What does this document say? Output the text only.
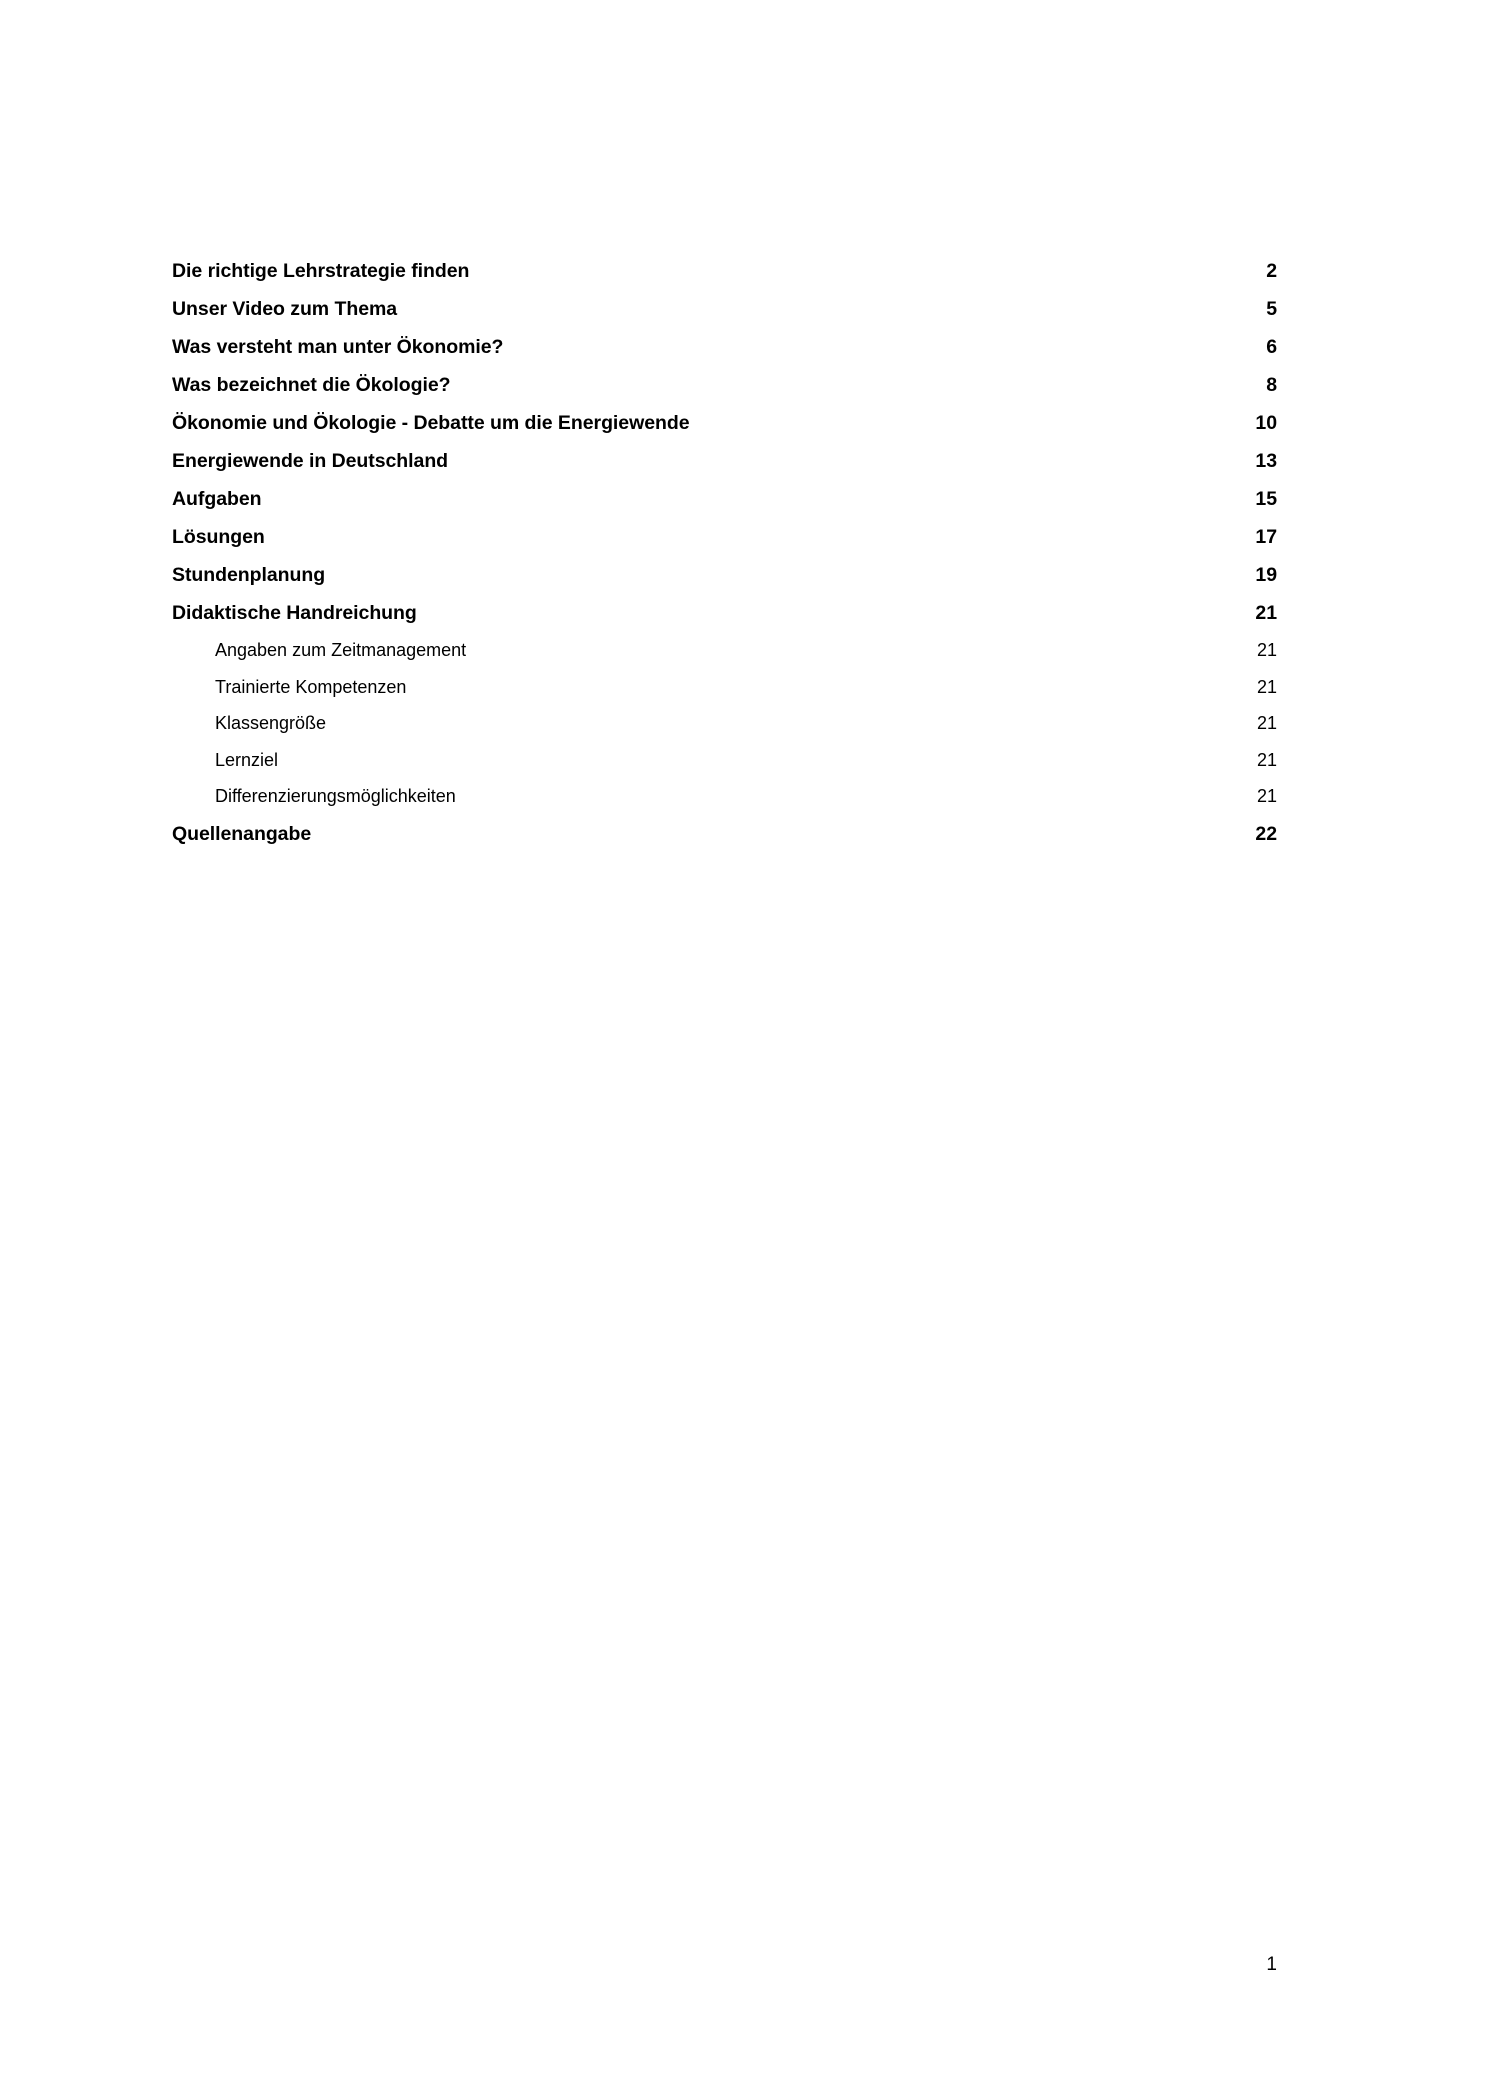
Die richtige Lehrstrategie finden .....	2
Unser Video zum Thema .....	5
Was versteht man unter Ökonomie? .....	6
Was bezeichnet die Ökologie? .....	8
Ökonomie und Ökologie - Debatte um die Energiewende .....	10
Energiewende in Deutschland .....	13
Aufgaben .....	15
Lösungen .....	17
Stundenplanung .....	19
Didaktische Handreichung .....	21
Angaben zum Zeitmanagement .....	21
Trainierte Kompetenzen .....	21
Klassengröße .....	21
Lernziel .....	21
Differenzierungsmöglichkeiten .....	21
Quellenangabe .....	22
1
